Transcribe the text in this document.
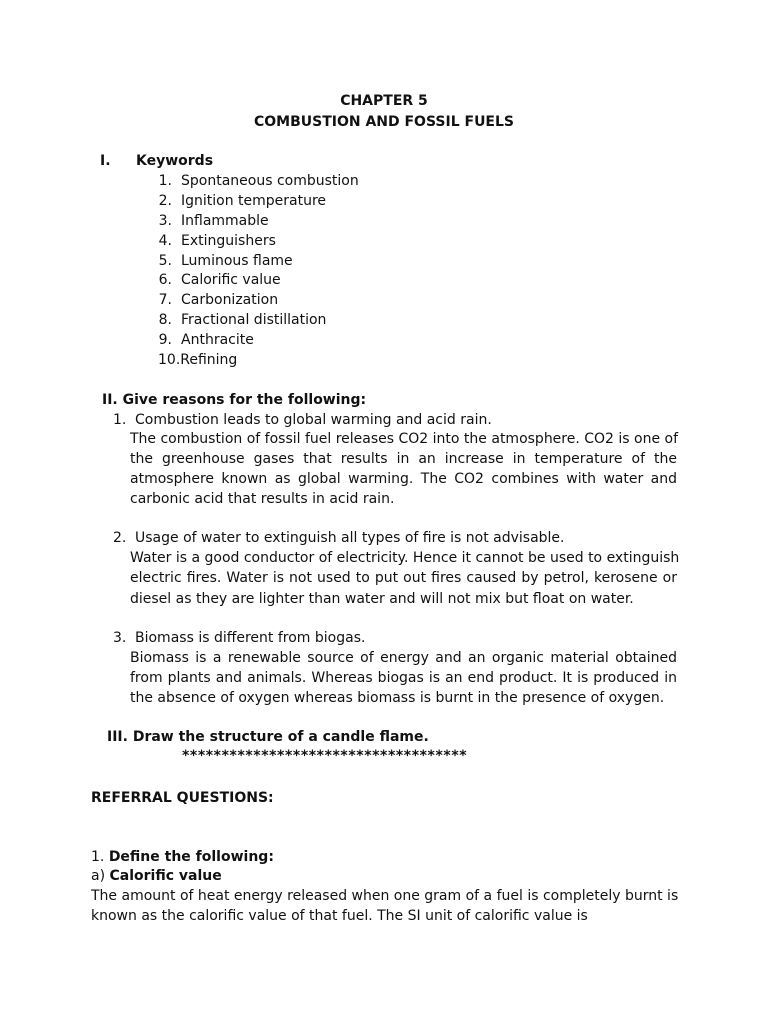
CHAPTER 5
COMBUSTION AND FOSSIL FUELS
I. Keywords
1. Spontaneous combustion
2. Ignition temperature
3. Inflammable
4. Extinguishers
5. Luminous flame
6. Calorific value
7. Carbonization
8. Fractional distillation
9. Anthracite
10.Refining
II. Give reasons for the following:
1. Combustion leads to global warming and acid rain.
The combustion of fossil fuel releases CO2 into the atmosphere. CO2 is one of
the greenhouse gases that results in an increase in temperature of the
atmosphere known as global warming. The CO2 combines with water and
carbonic acid that results in acid rain.
2. Usage of water to extinguish all types of fire is not advisable.
Water is a good conductor of electricity. Hence it cannot be used to extinguish
electric fires. Water is not used to put out fires caused by petrol, kerosene or
diesel as they are lighter than water and will not mix but float on water.
3. Biomass is different from biogas.
Biomass is a renewable source of energy and an organic material obtained
from plants and animals. Whereas biogas is an end product. It is produced in
the absence of oxygen whereas biomass is burnt in the presence of oxygen.
III. Draw the structure of a candle flame.
************************************
REFERRAL QUESTIONS:
1. Define the following:
a) Calorific value
The amount of heat energy released when one gram of a fuel is completely burnt is
known as the calorific value of that fuel. The SI unit of calorific value is
